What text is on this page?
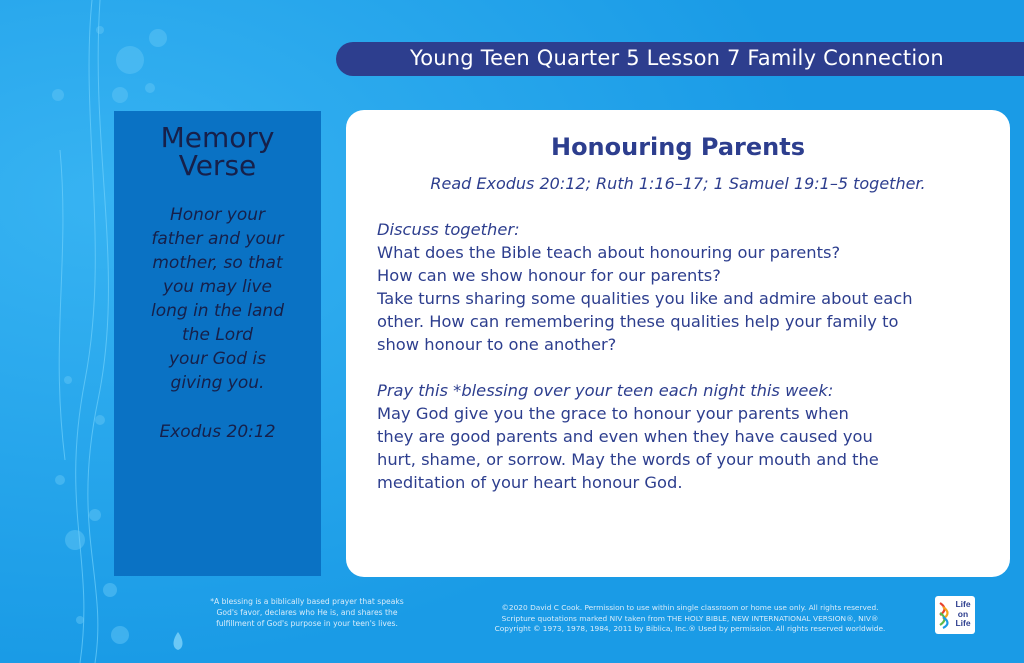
Young Teen Quarter 5 Lesson 7 Family Connection
Memory
Verse
Honor your
father and your
mother, so that
you may live
long in the land
the Lord
your God is
giving you.
Exodus 20:12
Honouring Parents
Read Exodus 20:12; Ruth 1:16–17; 1 Samuel 19:1–5 together.
Discuss together:
What does the Bible teach about honouring our parents?
How can we show honour for our parents?
Take turns sharing some qualities you like and admire about each
other. How can remembering these qualities help your family to
show honour to one another?
Pray this *blessing over your teen each night this week:
May God give you the grace to honour your parents when
they are good parents and even when they have caused you
hurt, shame, or sorrow. May the words of your mouth and the
meditation of your heart honour God.
*A blessing is a biblically based prayer that speaks
God's favor, declares who He is, and shares the
fulfillment of God's purpose in your teen's lives.
©2020 David C Cook. Permission to use within single classroom or home use only. All rights reserved.
Scripture quotations marked NIV taken from THE HOLY BIBLE, NEW INTERNATIONAL VERSION®, NIV®
Copyright © 1973, 1978, 1984, 2011 by Biblica, Inc.® Used by permission. All rights reserved worldwide.
Life
on
Life
